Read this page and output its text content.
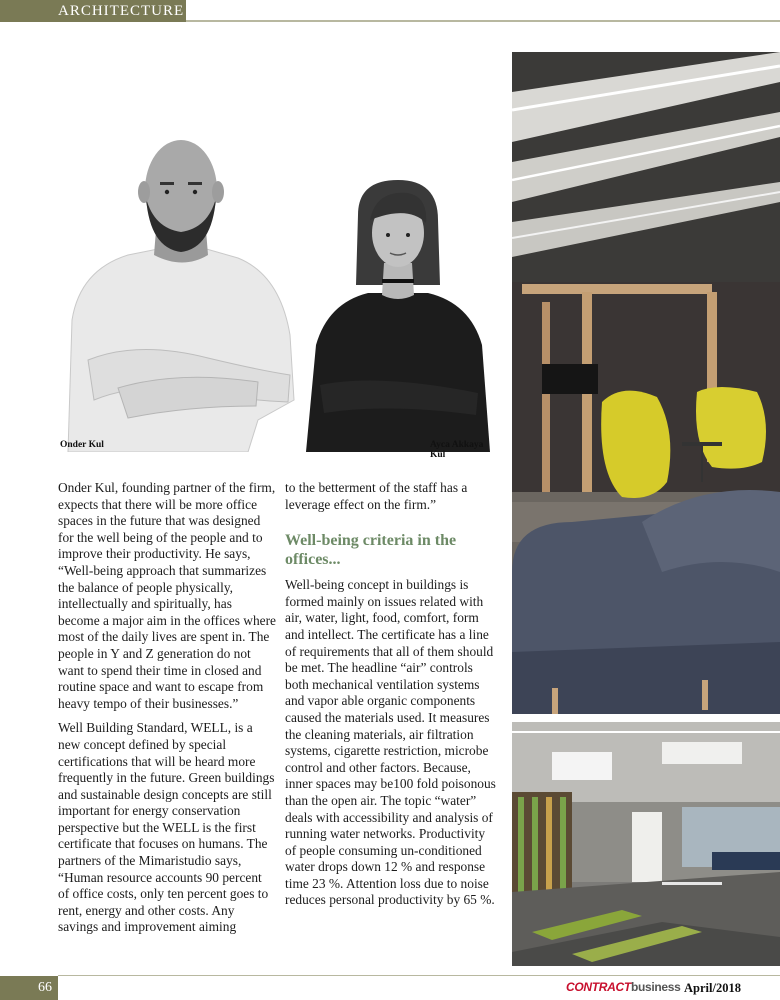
ARCHITECTURE
Onder Kul	Ayca Akkaya Kul

Onder Kul, founding partner of the firm, expects that there will be more office spaces in the future that was designed for the well being of the people and to improve their productivity. He says, “Well-being approach that summarizes the balance of people physically, intellectually and spiritually, has become a major aim in the offices where most of the daily lives are spent in. The people in Y and Z generation do not want to spend their time in closed and routine space and want to escape from heavy tempo of their businesses.”

Well Building Standard, WELL, is a new concept defined by special certifications that will be heard more frequently in the future. Green buildings and sustainable design concepts are still important for energy conservation perspective but the WELL is the first certificate that focuses on humans. The partners of the Mimaristudio says, “Human resource accounts 90 percent of office costs, only ten percent goes to rent, energy and other costs. Any savings and improvement aiming

to the betterment of the staff has a leverage effect on the firm.”

Well-being criteria in the offices...

Well-being concept in buildings is formed mainly on issues related with air, water, light, food, comfort, form and intellect. The certificate has a line of requirements that all of them should be met. The headline “air” controls both mechanical ventilation systems and vapor able organic components caused the materials used. It measures the cleaning materials, air filtration systems, cigarette restriction, microbe control and other factors. Because, inner spaces may be100 fold poisonous than the open air. The topic “water” deals with accessibility and analysis of running water networks. Productivity of people consuming un-conditioned water drops down 12 % and response time 23 %. Attention loss due to noise reduces personal productivity by 65 %.

66	CONTRACTbusiness April/2018
